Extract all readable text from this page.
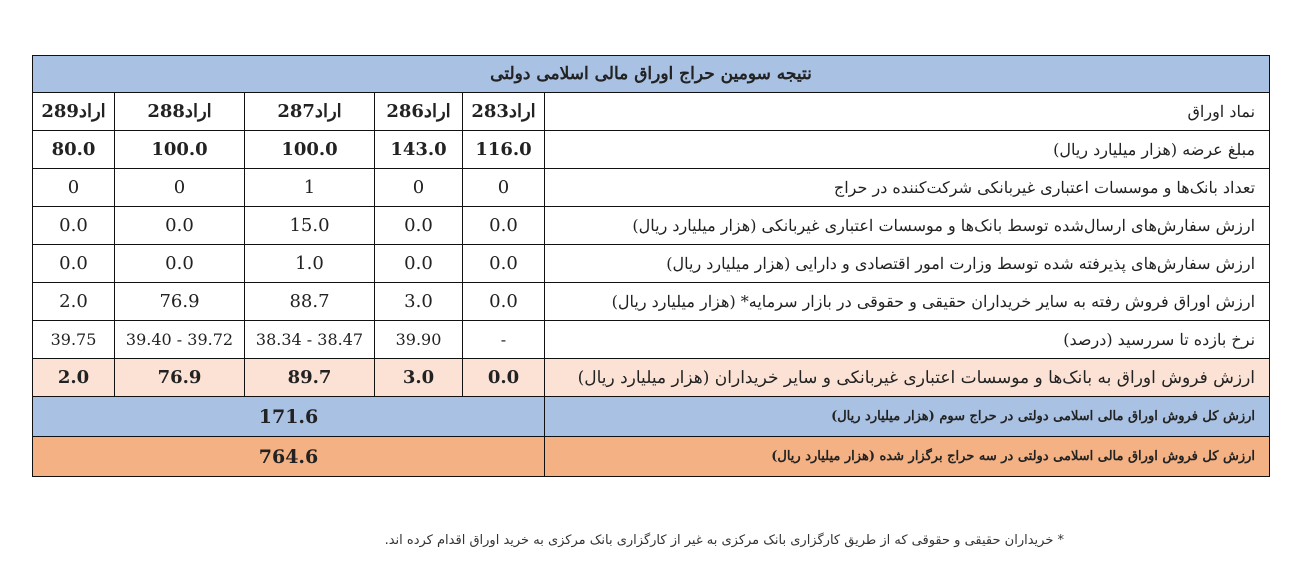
نتیجه سومین حراج اوراق مالی اسلامی دولتی					
اراد289	اراد288	اراد287	اراد286	اراد283	نماد اوراق
80.0	100.0	100.0	143.0	116.0	مبلغ عرضه (هزار میلیارد ریال)
0	0	1	0	0	تعداد بانک‌ها و موسسات اعتباری غیربانکی شرکت‌کننده در حراج
0.0	0.0	15.0	0.0	0.0	ارزش سفارش‌های ارسال‌شده توسط بانک‌ها و موسسات اعتباری غیربانکی (هزار میلیارد ریال)
0.0	0.0	1.0	0.0	0.0	ارزش سفارش‌های پذیرفته شده توسط وزارت امور اقتصادی و دارایی (هزار میلیارد ریال)
2.0	76.9	88.7	3.0	0.0	ارزش اوراق فروش رفته به سایر خریداران حقیقی و حقوقی در بازار سرمایه* (هزار میلیارد ریال)
39.75	39.40 - 39.72	38.34 - 38.47	39.90	-	نرخ بازده تا سررسید (درصد)
2.0	76.9	89.7	3.0	0.0	ارزش فروش اوراق به بانک‌ها و موسسات اعتباری غیربانکی و سایر خریداران (هزار میلیارد ریال)
171.6					ارزش کل فروش اوراق مالی اسلامی دولتی در حراج سوم (هزار میلیارد ریال)
764.6					ارزش کل فروش اوراق مالی اسلامی دولتی در سه حراج برگزار شده (هزار میلیارد ریال)
* خریداران حقیقی و حقوقی که از طریق کارگزاری بانک مرکزی به غیر از کارگزاری بانک مرکزی به خرید اوراق اقدام کرده اند.
